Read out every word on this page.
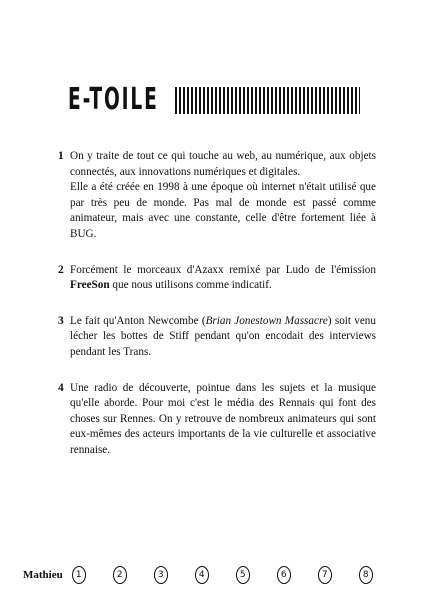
E-TOILE
1 On y traite de tout ce qui touche au web, au numérique, aux objets connectés, aux innovations numériques et digitales.

Elle a été créée en 1998 à une époque où internet n'était utilisé que par très peu de monde. Pas mal de monde est passé comme animateur, mais avec une constante, celle d'être fortement liée à BUG.

2 Forcément le morceaux d'Azaxx remixé par Ludo de l'émission FreeSon que nous utilisons comme indicatif.

3 Le fait qu'Anton Newcombe (Brian Jonestown Massacre) soit venu lécher les bottes de Stiff pendant qu'on encodait des interviews pendant les Trans.

4 Une radio de découverte, pointue dans les sujets et la musique qu'elle aborde. Pour moi c'est le média des Rennais qui font des choses sur Rennes. On y retrouve de nombreux animateurs qui sont eux-mêmes des acteurs importants de la vie culturelle et associative rennaise.

Mathieu	1	2	3	4	5	6	7	8
